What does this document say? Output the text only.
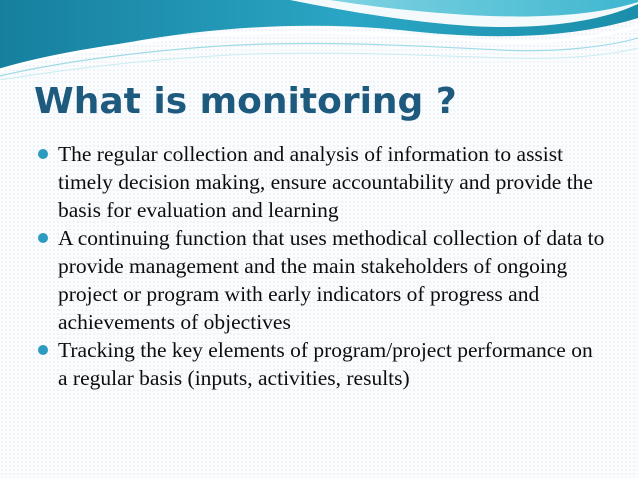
What is monitoring ?
The regular collection and analysis of information to assist timely decision making, ensure accountability and provide the basis for evaluation and learning
A continuing function that uses methodical collection of data to provide management and the main stakeholders of ongoing project or program with early indicators of progress and achievements of objectives
Tracking the key elements of program/project performance on a regular basis (inputs, activities, results)
